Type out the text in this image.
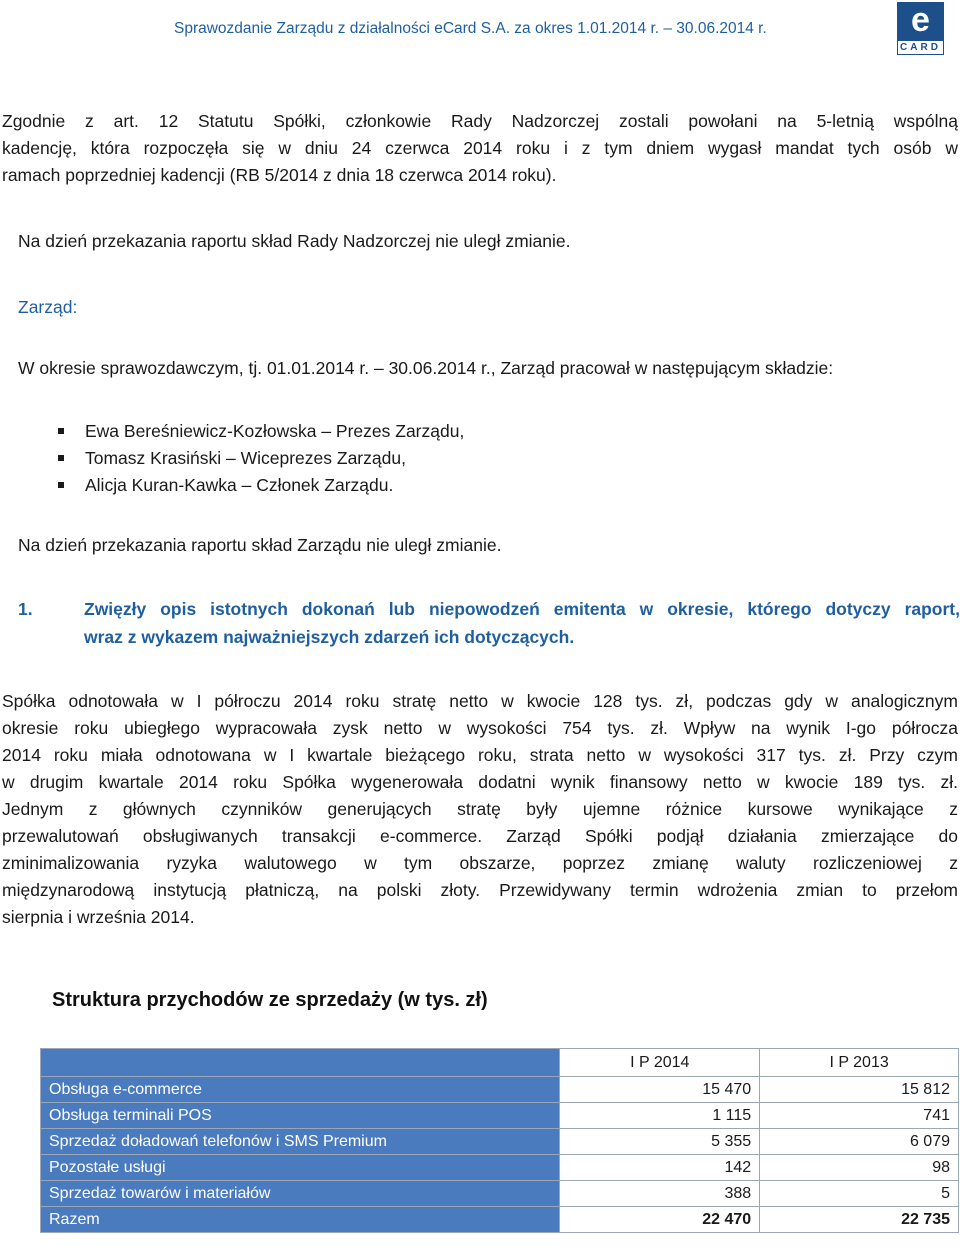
Sprawozdanie Zarządu z działalności eCard S.A. za okres 1.01.2014 r. – 30.06.2014 r.	e
CARD
Zgodnie z art. 12 Statutu Spółki, członkowie Rady Nadzorczej zostali powołani na 5-letnią wspólną
kadencję, która rozpoczęła się w dniu 24 czerwca 2014 roku i z tym dniem wygasł mandat tych osób w
ramach poprzedniej kadencji (RB 5/2014 z dnia 18 czerwca 2014 roku).
Na dzień przekazania raportu skład Rady Nadzorczej nie uległ zmianie.
Zarząd:
W okresie sprawozdawczym, tj. 01.01.2014 r. – 30.06.2014 r., Zarząd pracował w następującym składzie:
Ewa Bereśniewicz-Kozłowska – Prezes Zarządu,
Tomasz Krasiński – Wiceprezes Zarządu,
Alicja Kuran-Kawka – Członek Zarządu.
Na dzień przekazania raportu skład Zarządu nie uległ zmianie.
1.	Zwięzły opis istotnych dokonań lub niepowodzeń emitenta w okresie, którego dotyczy raport,
wraz z wykazem najważniejszych zdarzeń ich dotyczących.
Spółka odnotowała w I półroczu 2014 roku stratę netto w kwocie 128 tys. zł, podczas gdy w analogicznym
okresie roku ubiegłego wypracowała zysk netto w wysokości 754 tys. zł. Wpływ na wynik I-go półrocza
2014 roku miała odnotowana w I kwartale bieżącego roku, strata netto w wysokości 317 tys. zł. Przy czym
w drugim kwartale 2014 roku Spółka wygenerowała dodatni wynik finansowy netto w kwocie 189 tys. zł.
Jednym z głównych czynników generujących stratę były ujemne różnice kursowe wynikające z
przewalutowań obsługiwanych transakcji e-commerce. Zarząd Spółki podjął działania zmierzające do
zminimalizowania ryzyka walutowego w tym obszarze, poprzez zmianę waluty rozliczeniowej z
międzynarodową instytucją płatniczą, na polski złoty. Przewidywany termin wdrożenia zmian to przełom
sierpnia i września 2014.
Struktura przychodów ze sprzedaży (w tys. zł)
	I P 2014	I P 2013
Obsługa e-commerce	15 470	15 812
Obsługa terminali POS	1 115	741
Sprzedaż doładowań telefonów i SMS Premium	5 355	6 079
Pozostałe usługi	142	98
Sprzedaż towarów i materiałów	388	5
Razem	22 470	22 735
